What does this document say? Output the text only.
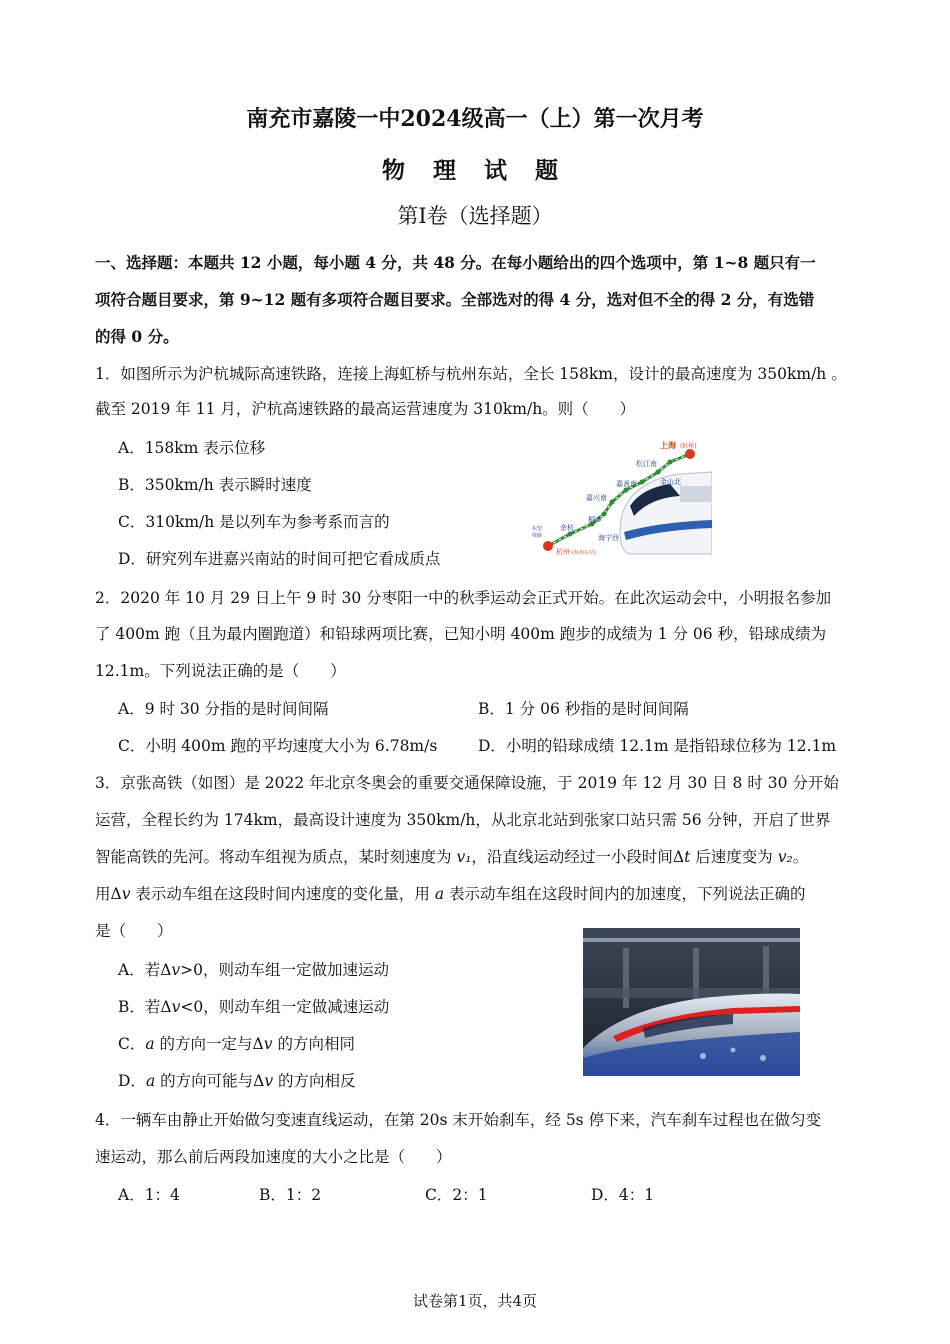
南充市嘉陵一中2024级高一（上）第一次月考
物 理 试 题
第Ⅰ卷（选择题）
一、选择题：本题共 12 小题，每小题 4 分，共 48 分。在每小题给出的四个选项中，第 1~8 题只有一
项符合题目要求，第 9~12 题有多项符合题目要求。全部选对的得 4 分，选对但不全的得 2 分，有选错
的得 0 分。
1．如图所示为沪杭城际高速铁路，连接上海虹桥与杭州东站，全长 158km，设计的最高速度为 350km/h 。
截至 2019 年 11 月，沪杭高速铁路的最高运营速度为 310km/h。则（　　）
A．158km 表示位移
B．350km/h 表示瞬时速度
C．310km/h 是以列车为参考系而言的
D．研究列车进嘉兴南站的时间可把它看成质点
上海 (虹桥)
松江南
金山北
嘉善南
嘉兴南
桐乡
海宁西
余杭
杭州 (杭州东站)
东望
线路
2．2020 年 10 月 29 日上午 9 时 30 分枣阳一中的秋季运动会正式开始。在此次运动会中，小明报名参加
了 400m 跑（且为最内圈跑道）和铅球两项比赛，已知小明 400m 跑步的成绩为 1 分 06 秒，铅球成绩为
12.1m。下列说法正确的是（　　）
A．9 时 30 分指的是时间间隔	B．1 分 06 秒指的是时间间隔
C．小明 400m 跑的平均速度大小为 6.78m/s	D．小明的铅球成绩 12.1m 是指铅球位移为 12.1m
3．京张高铁（如图）是 2022 年北京冬奥会的重要交通保障设施，于 2019 年 12 月 30 日 8 时 30 分开始
运营，全程长约为 174km，最高设计速度为 350km/h，从北京北站到张家口站只需 56 分钟，开启了世界
智能高铁的先河。将动车组视为质点，某时刻速度为 v₁，沿直线运动经过一小段时间Δt 后速度变为 v₂。
用Δv 表示动车组在这段时间内速度的变化量，用 a 表示动车组在这段时间内的加速度，下列说法正确的
是（　　）
A．若Δv>0，则动车组一定做加速运动
B．若Δv<0，则动车组一定做减速运动
C．a 的方向一定与Δv 的方向相同
D．a 的方向可能与Δv 的方向相反
4．一辆车由静止开始做匀变速直线运动，在第 20s 末开始刹车，经 5s 停下来，汽车刹车过程也在做匀变
速运动，那么前后两段加速度的大小之比是（　　）
A．1：4	B．1：2	C．2：1	D．4：1
试卷第1页，共4页
